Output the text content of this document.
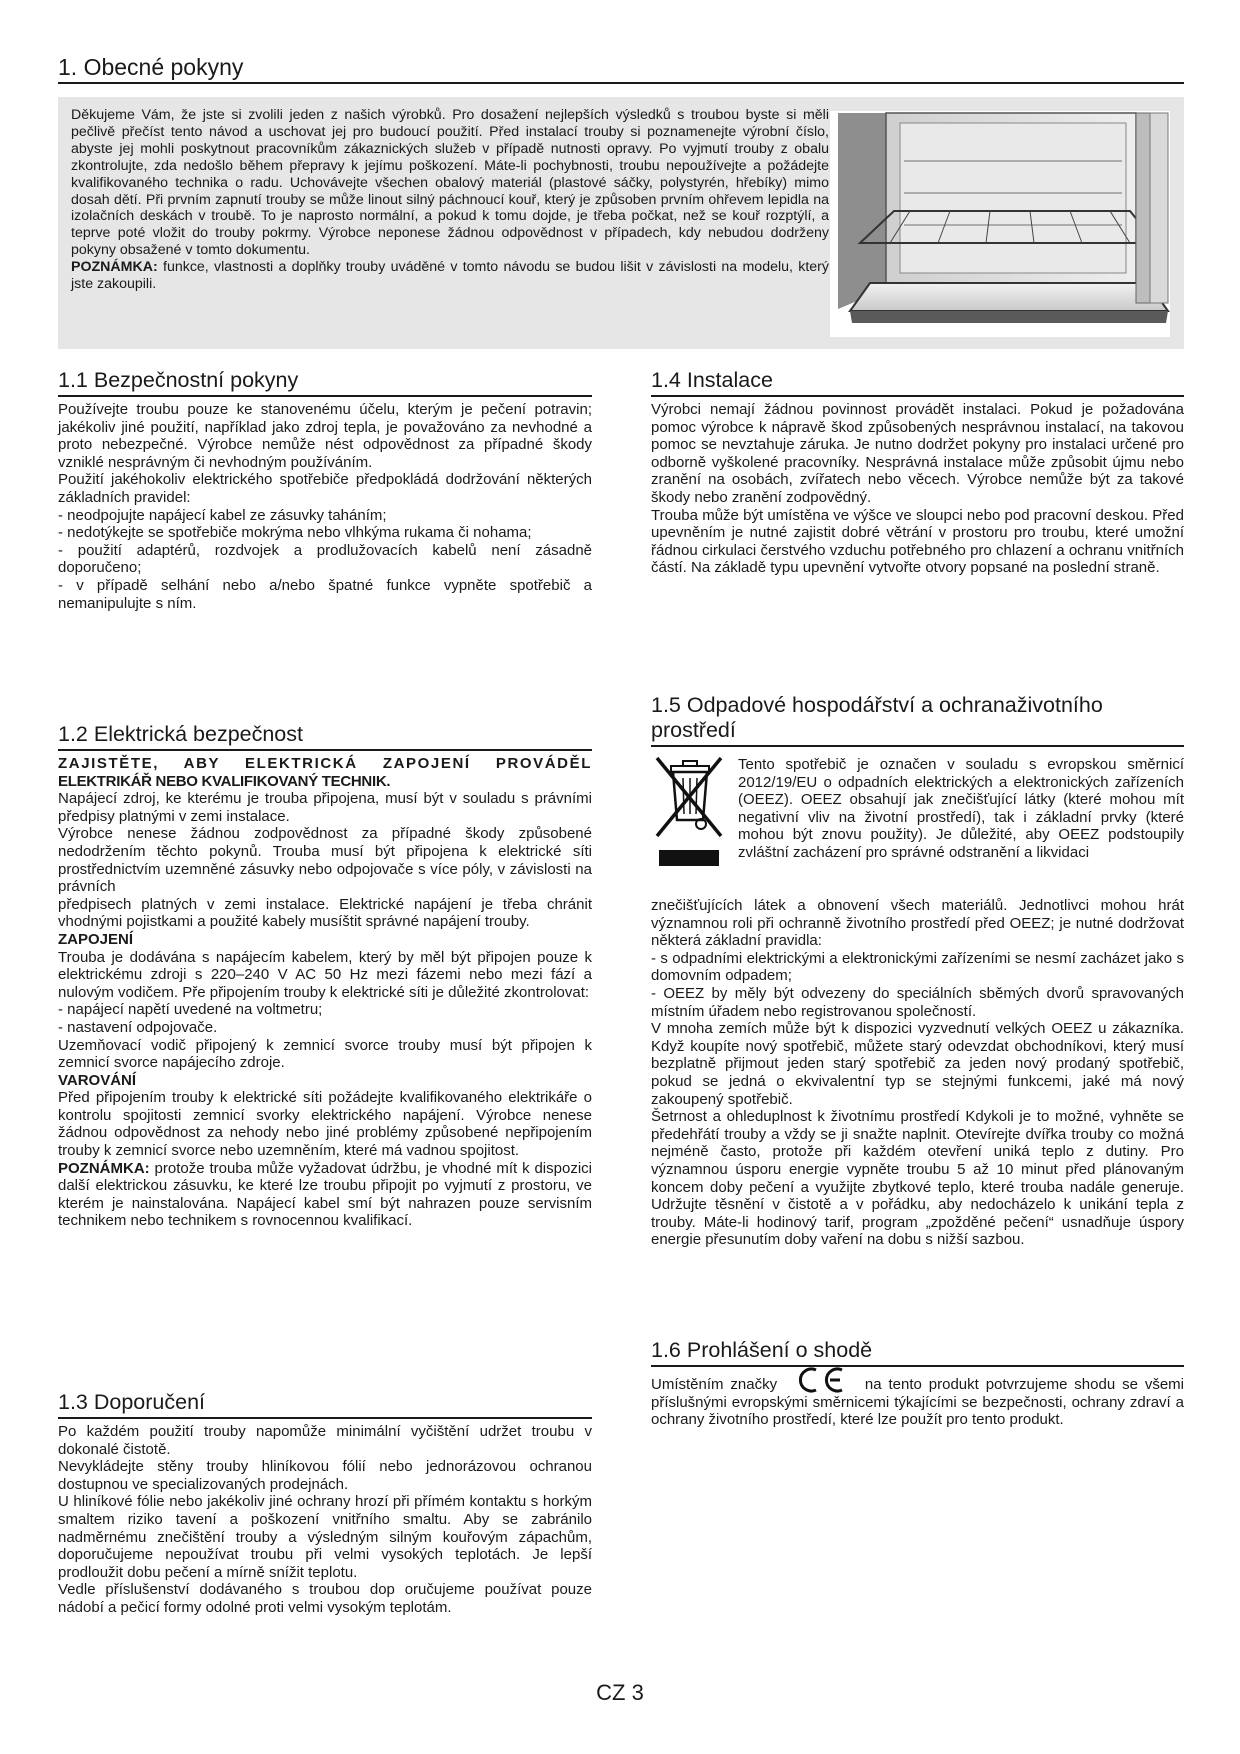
1. Obecné pokyny

Děkujeme Vám, že jste si zvolili jeden z našich výrobků. Pro dosažení nejlepších výsledků s troubou byste si měli pečlivě přečíst tento návod a uschovat jej pro budoucí použití. Před instalací trouby si poznamenejte výrobní číslo, abyste jej mohli poskytnout pracovníkům zákaznických služeb v případě nutnosti opravy. Po vyjmutí trouby z obalu zkontrolujte, zda nedošlo během přepravy k jejímu poškození. Máte-li pochybnosti, troubu nepoužívejte a požádejte kvalifikovaného technika o radu. Uchovávejte všechen obalový materiál (plastové sáčky, polystyrén, hřebíky) mimo dosah dětí. Při prvním zapnutí trouby se může linout silný páchnoucí kouř, který je způsoben prvním ohřevem lepidla na izolačních deskách v troubě. To je naprosto normální, a pokud k tomu dojde, je třeba počkat, než se kouř rozptýlí, a teprve poté vložit do trouby pokrmy. Výrobce neponese žádnou odpovědnost v případech, kdy nebudou dodrženy pokyny obsažené v tomto dokumentu.

POZNÁMKA: funkce, vlastnosti a doplňky trouby uváděné v tomto návodu se budou lišit v závislosti na modelu, který jste zakoupili.

1.1 Bezpečnostní pokyny

Používejte troubu pouze ke stanovenému účelu, kterým je pečení potravin; jakékoliv jiné použití, například jako zdroj tepla, je považováno za nevhodné a proto nebezpečné. Výrobce nemůže nést odpovědnost za případné škody vzniklé nesprávným či nevhodným používáním.

Použití jakéhokoliv elektrického spotřebiče předpokládá dodržování některých základních pravidel:

- neodpojujte napájecí kabel ze zásuvky taháním;

- nedotýkejte se spotřebiče mokrýma nebo vlhkýma rukama či nohama;

- použití adaptérů, rozdvojek a prodlužovacích kabelů není zásadně doporučeno;

- v případě selhání nebo a/nebo špatné funkce vypněte spotřebič a nemanipulujte s ním.

1.2 Elektrická bezpečnost

ZAJISTĚTE, ABY ELEKTRICKÁ ZAPOJENÍ PROVÁDĚL

ELEKTRIKÁŘ NEBO KVALIFIKOVANÝ TECHNIK.

Napájecí zdroj, ke kterému je trouba připojena, musí být v souladu s právními předpisy platnými v zemi instalace.

Výrobce nenese žádnou zodpovědnost za případné škody způsobené nedodržením těchto pokynů. Trouba musí být připojena k elektrické síti prostřednictvím uzemněné zásuvky nebo odpojovače s více póly, v závislosti na právních

předpisech platných v zemi instalace. Elektrické napájení je třeba chránit vhodnými pojistkami a použité kabely musíštit správné napájení trouby.

ZAPOJENÍ

Trouba je dodávána s napájecím kabelem, který by měl být připojen pouze k elektrickému zdroji s 220–240 V AC 50 Hz mezi fázemi nebo mezi fází a nulovým vodičem. Pře připojením trouby k elektrické síti je důležité zkontrolovat:

- napájecí napětí uvedené na voltmetru;

- nastavení odpojovače.

Uzemňovací vodič připojený k zemnicí svorce trouby musí být připojen k zemnicí svorce napájecího zdroje.

VAROVÁNÍ

Před připojením trouby k elektrické síti požádejte kvalifikovaného elektrikáře o kontrolu spojitosti zemnicí svorky elektrického napájení. Výrobce nenese žádnou odpovědnost za nehody nebo jiné problémy způsobené nepřipojením trouby k zemnicí svorce nebo uzemněním, které má vadnou spojitost.

POZNÁMKA: protože trouba může vyžadovat údržbu, je vhodné mít k dispozici další elektrickou zásuvku, ke které lze troubu připojit po vyjmutí z prostoru, ve kterém je nainstalována. Napájecí kabel smí být nahrazen pouze servisním technikem nebo technikem s rovnocennou kvalifikací.

1.3 Doporučení

Po každém použití trouby napomůže minimální vyčištění udržet troubu v dokonalé čistotě.

Nevykládejte stěny trouby hliníkovou fólií nebo jednorázovou ochranou dostupnou ve specializovaných prodejnách.

U hliníkové fólie nebo jakékoliv jiné ochrany hrozí při přímém kontaktu s horkým smaltem riziko tavení a poškození vnitřního smaltu. Aby se zabránilo nadměrnému znečištění trouby a výsledným silným kouřovým zápachům, doporučujeme nepoužívat troubu při velmi vysokých teplotách. Je lepší prodloužit dobu pečení a mírně snížit teplotu.

Vedle příslušenství dodávaného s troubou dop oručujeme používat pouze nádobí a pečicí formy odolné proti velmi vysokým teplotám.

1.4 Instalace

Výrobci nemají žádnou povinnost provádět instalaci. Pokud je požadována pomoc výrobce k nápravě škod způsobených nesprávnou instalací, na takovou pomoc se nevztahuje záruka. Je nutno dodržet pokyny pro instalaci určené pro odborně vyškolené pracovníky. Nesprávná instalace může způsobit újmu nebo zranění na osobách, zvířatech nebo věcech. Výrobce nemůže být za takové škody nebo zranění zodpovědný.

Trouba může být umístěna ve výšce ve sloupci nebo pod pracovní deskou. Před upevněním je nutné zajistit dobré větrání v prostoru pro troubu, které umožní řádnou cirkulaci čerstvého vzduchu potřebného pro chlazení a ochranu vnitřních částí. Na základě typu upevnění vytvořte otvory popsané na poslední straně.

1.5 Odpadové hospodářství a ochranaživotního
prostředí

Tento spotřebič je označen v souladu s evropskou směrnicí 2012/19/EU o odpadních elektrických a elektronických zařízeních (OEEZ). OEEZ obsahují jak znečišťující látky (které mohou mít negativní vliv na životní prostředí), tak i základní prvky (které mohou být znovu použity). Je důležité, aby OEEZ podstoupily zvláštní zacházení pro správné odstranění a likvidaci

znečišťujících látek a obnovení všech materiálů. Jednotlivci mohou hrát významnou roli při ochranně životního prostředí před OEEZ; je nutné dodržovat některá základní pravidla:

- s odpadními elektrickými a elektronickými zařízeními se nesmí zacházet jako s domovním odpadem;

- OEEZ by měly být odvezeny do speciálních sběmých dvorů spravovaných místním úřadem nebo registrovanou společností.

V mnoha zemích může být k dispozici vyzvednutí velkých OEEZ u zákazníka. Když koupíte nový spotřebič, můžete starý odevzdat obchodníkovi, který musí bezplatně přijmout jeden starý spotřebič za jeden nový prodaný spotřebič, pokud se jedná o ekvivalentní typ se stejnými funkcemi, jaké má nový zakoupený spotřebič.

Šetrnost a ohleduplnost k životnímu prostředí Kdykoli je to možné, vyhněte se předehřátí trouby a vždy se ji snažte naplnit. Otevírejte dvířka trouby co možná nejméně často, protože při každém otevření uniká teplo z dutiny. Pro významnou úsporu energie vypněte troubu 5 až 10 minut před plánovaným koncem doby pečení a využijte zbytkové teplo, které trouba nadále generuje. Udržujte těsnění v čistotě a v pořádku, aby nedocházelo k unikání tepla z trouby. Máte-li hodinový tarif, program „zpožděné pečení“ usnadňuje úspory energie přesunutím doby vaření na dobu s nižší sazbou.

1.6 Prohlášení o shodě

Umístěním značky	na tento produkt potvrzujeme shodu se všemi příslušnými evropskými směrnicemi týkajícími se bezpečnosti, ochrany zdraví a ochrany životního prostředí, které lze použít pro tento produkt.

CZ 3
